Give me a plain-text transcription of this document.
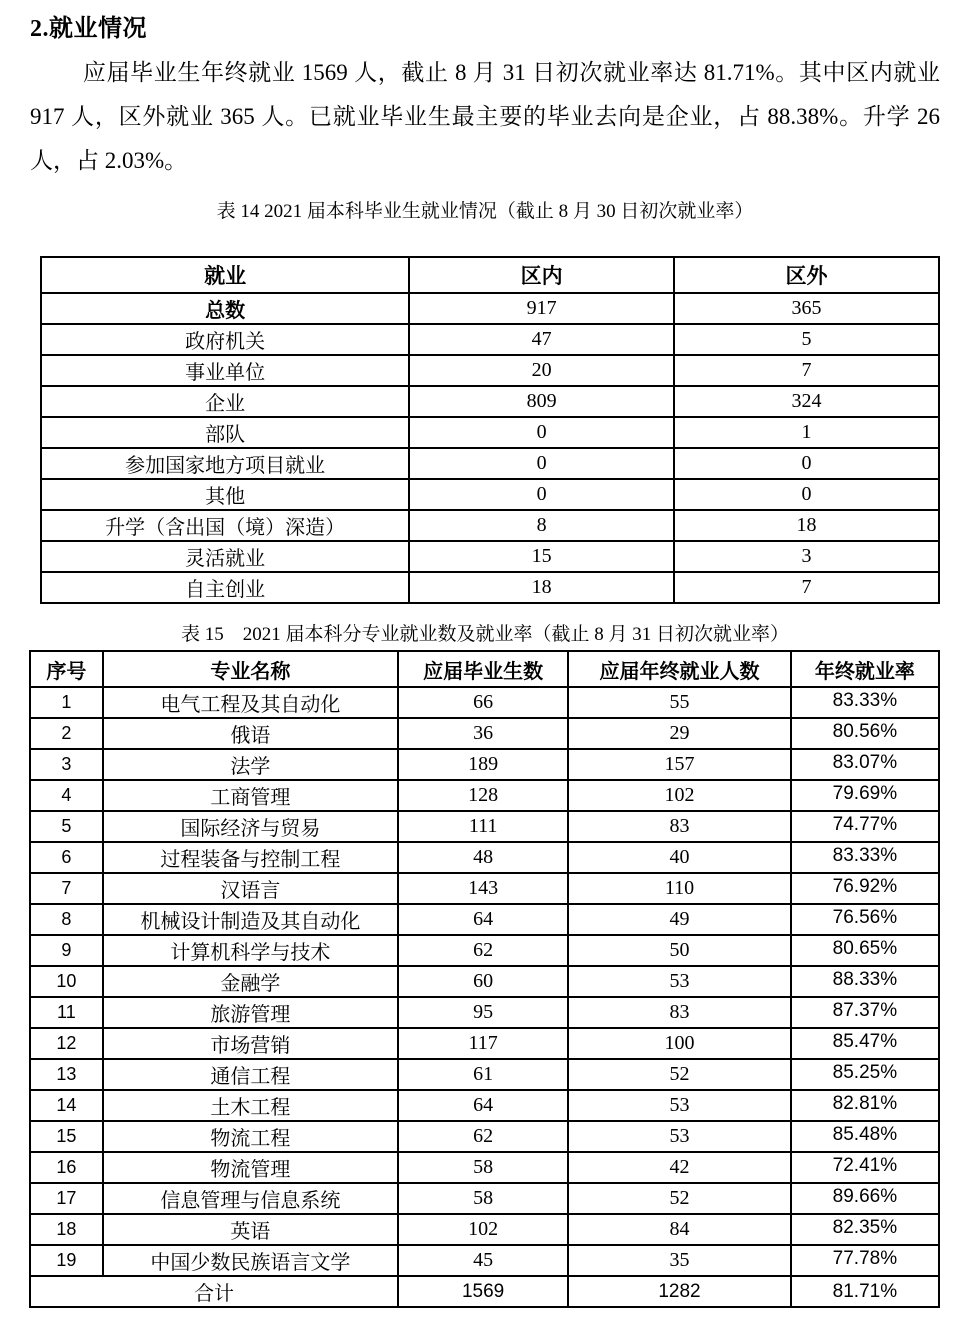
2.就业情况

应届毕业生年终就业 1569 人，截止 8 月 31 日初次就业率达 81.71%。其中区内就业 917 人，区外就业 365 人。已就业毕业生最主要的毕业去向是企业，占 88.38%。升学 26 人，占 2.03%。

表 14 2021 届本科毕业生就业情况（截止 8 月 30 日初次就业率）
就业	区内	区外
总数	917	365
政府机关	47	5
事业单位	20	7
企业	809	324
部队	0	1
参加国家地方项目就业	0	0
其他	0	0
升学（含出国（境）深造）	8	18
灵活就业	15	3
自主创业	18	7
表 15　2021 届本科分专业就业数及就业率（截止 8 月 31 日初次就业率）
序号	专业名称	应届毕业生数	应届年终就业人数	年终就业率
1	电气工程及其自动化	66	55	83.33%
2	俄语	36	29	80.56%
3	法学	189	157	83.07%
4	工商管理	128	102	79.69%
5	国际经济与贸易	111	83	74.77%
6	过程装备与控制工程	48	40	83.33%
7	汉语言	143	110	76.92%
8	机械设计制造及其自动化	64	49	76.56%
9	计算机科学与技术	62	50	80.65%
10	金融学	60	53	88.33%
11	旅游管理	95	83	87.37%
12	市场营销	117	100	85.47%
13	通信工程	61	52	85.25%
14	土木工程	64	53	82.81%
15	物流工程	62	53	85.48%
16	物流管理	58	42	72.41%
17	信息管理与信息系统	58	52	89.66%
18	英语	102	84	82.35%
19	中国少数民族语言文学	45	35	77.78%
合计		1569	1282	81.71%
